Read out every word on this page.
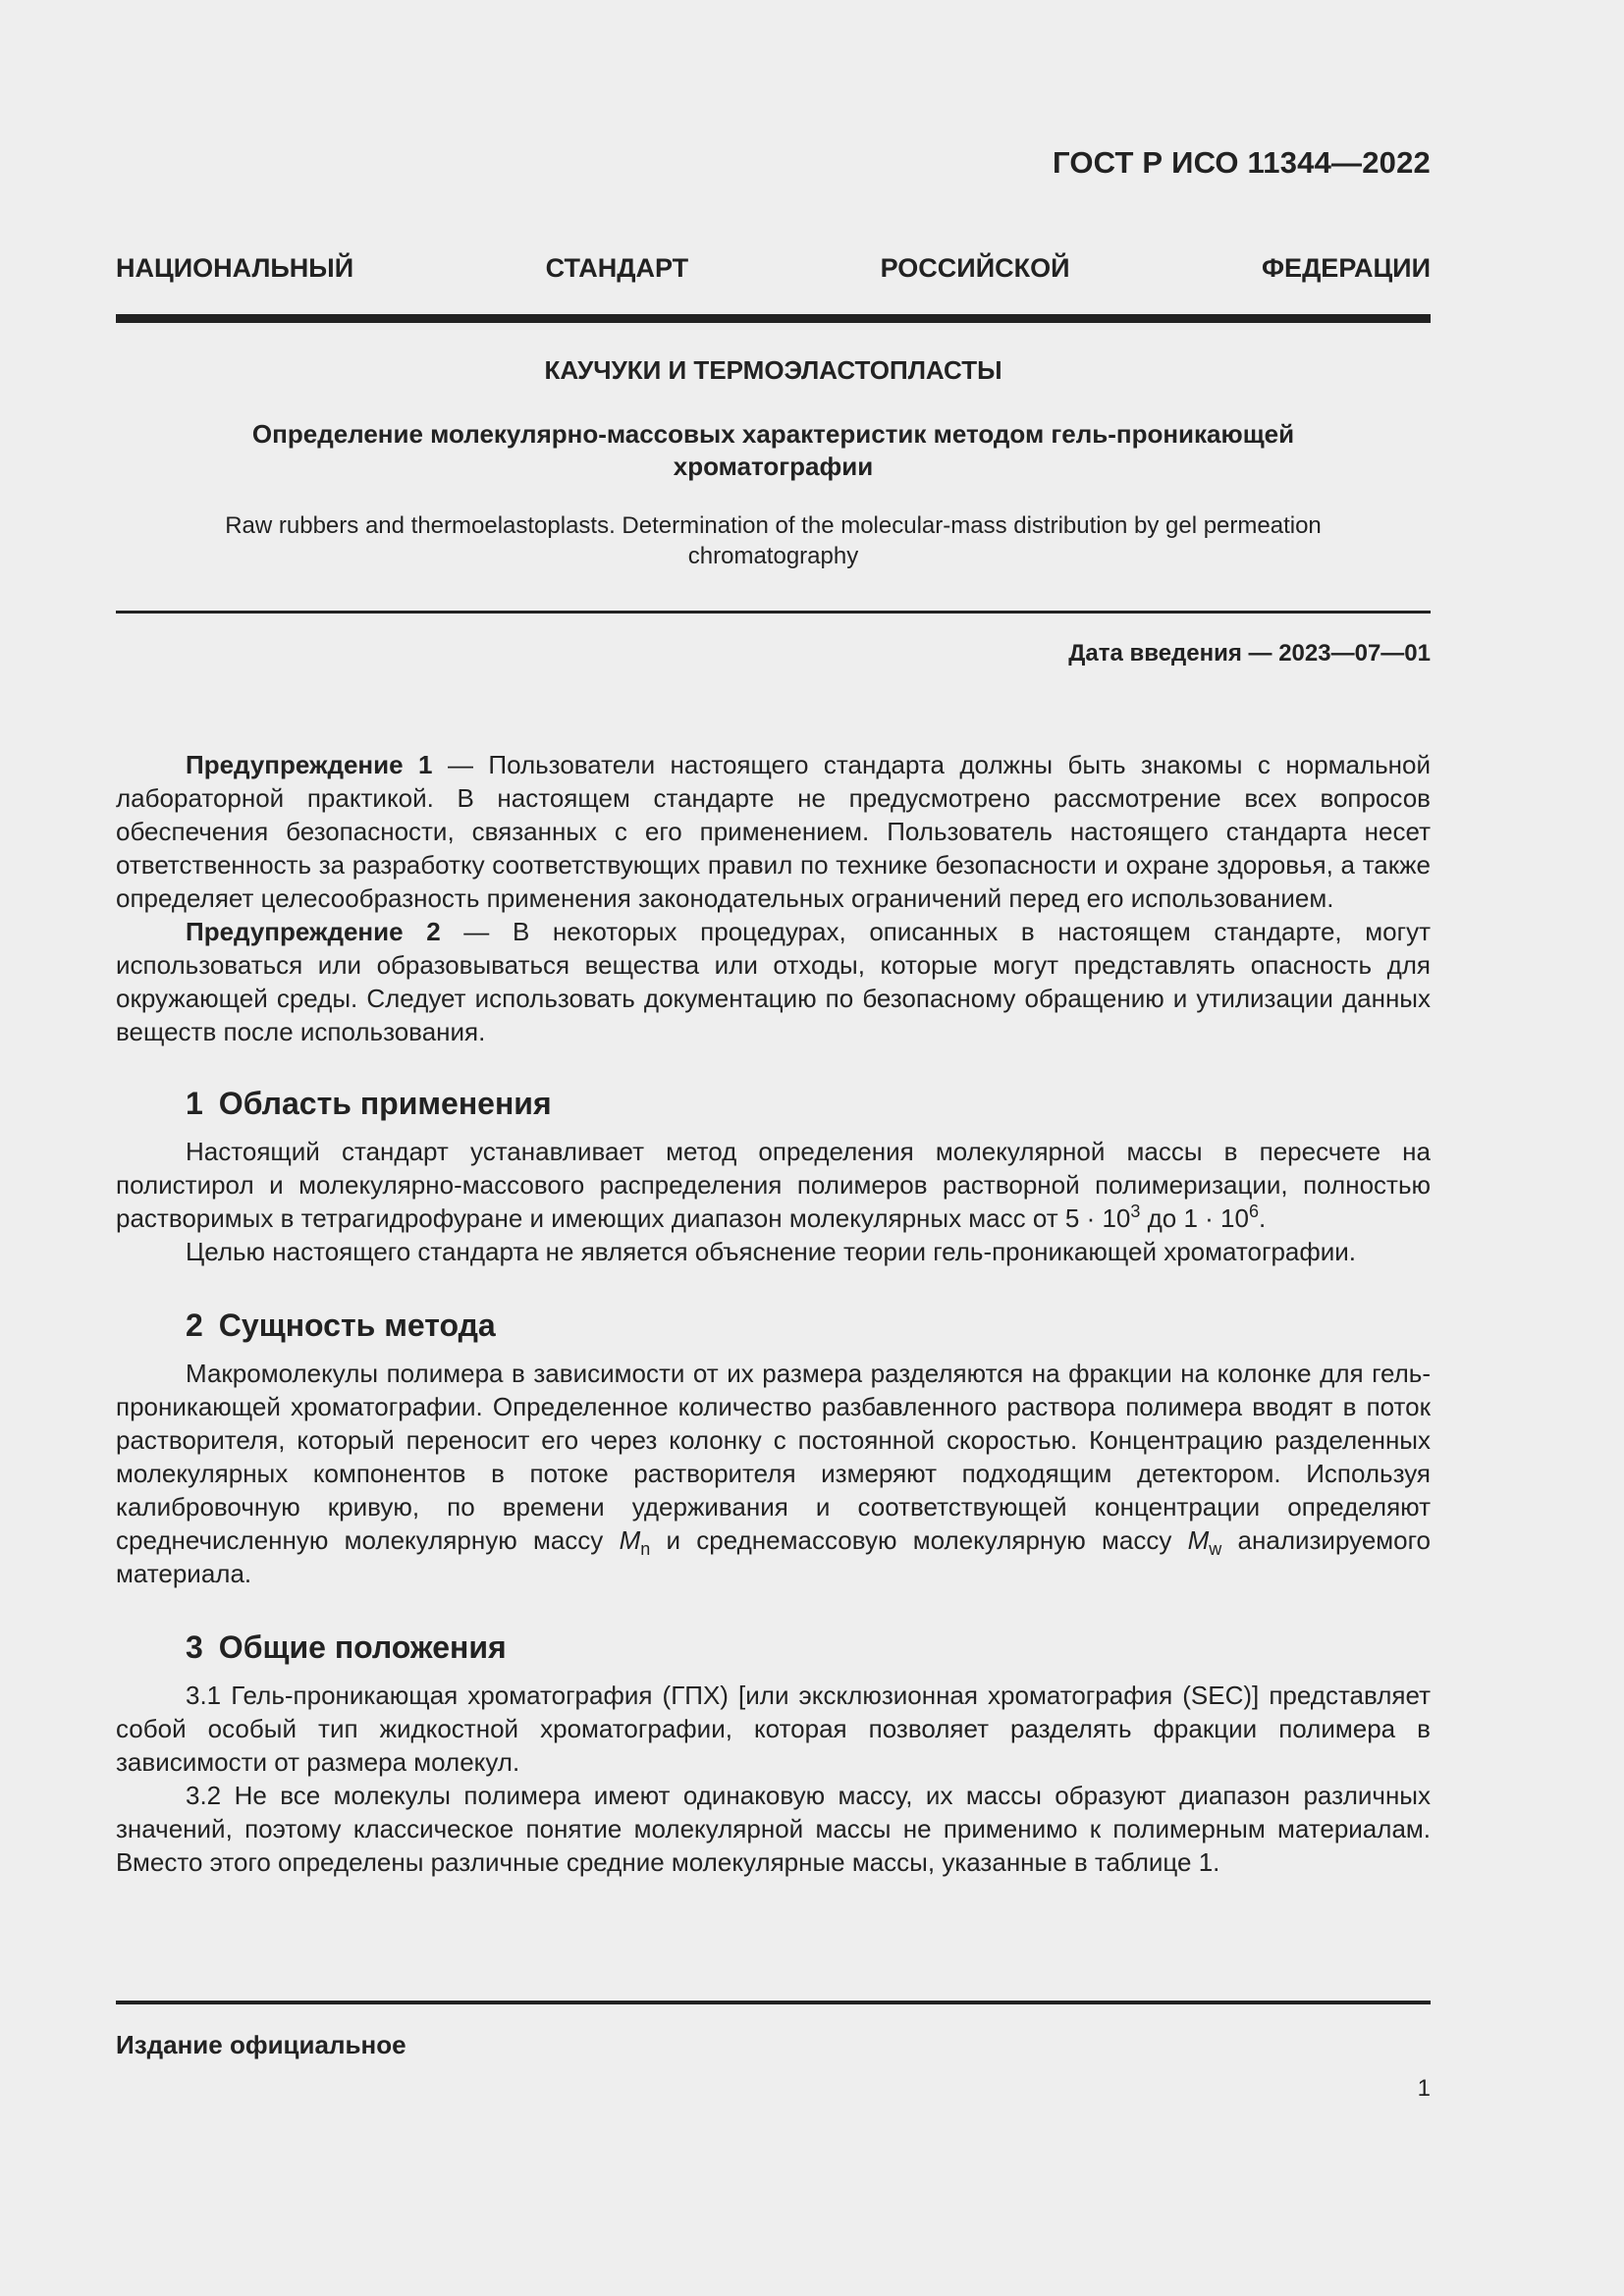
ГОСТ Р ИСО 11344—2022
НАЦИОНАЛЬНЫЙ	СТАНДАРТ	РОССИЙСКОЙ	ФЕДЕРАЦИИ
КАУЧУКИ И ТЕРМОЭЛАСТОПЛАСТЫ
Определение молекулярно-массовых характеристик методом гель-проникающей хроматографии
Raw rubbers and thermoelastoplasts. Determination of the molecular-mass distribution by gel permeation chromatography
Дата введения — 2023—07—01

Предупреждение 1 — Пользователи настоящего стандарта должны быть знакомы с нормальной лабораторной практикой. В настоящем стандарте не предусмотрено рассмотрение всех вопросов обеспечения безопасности, связанных с его применением. Пользователь настоящего стандарта несет ответственность за разработку соответствующих правил по технике безопасности и охране здоровья, а также определяет целесообразность применения законодательных ограничений перед его использованием.

Предупреждение 2 — В некоторых процедурах, описанных в настоящем стандарте, могут использоваться или образовываться вещества или отходы, которые могут представлять опасность для окружающей среды. Следует использовать документацию по безопасному обращению и утилизации данных веществ после использования.

1 Область применения

Настоящий стандарт устанавливает метод определения молекулярной массы в пересчете на полистирол и молекулярно-массового распределения полимеров растворной полимеризации, полностью растворимых в тетрагидрофуране и имеющих диапазон молекулярных масс от $5 \cdot 10^3$ до $1 \cdot 10^6$.

Целью настоящего стандарта не является объяснение теории гель-проникающей хроматографии.

2 Сущность метода

Макромолекулы полимера в зависимости от их размера разделяются на фракции на колонке для гель-проникающей хроматографии. Определенное количество разбавленного раствора полимера вводят в поток растворителя, который переносит его через колонку с постоянной скоростью. Концентрацию разделенных молекулярных компонентов в потоке растворителя измеряют подходящим детектором. Используя калибровочную кривую, по времени удерживания и соответствующей концентрации определяют среднечисленную молекулярную массу $M_n$ и среднемассовую молекулярную массу $M_w$ анализируемого материала.

3 Общие положения

3.1 Гель-проникающая хроматография (ГПХ) [или эксклюзионная хроматография (SEC)] представляет собой особый тип жидкостной хроматографии, которая позволяет разделять фракции полимера в зависимости от размера молекул.

3.2 Не все молекулы полимера имеют одинаковую массу, их массы образуют диапазон различных значений, поэтому классическое понятие молекулярной массы не применимо к полимерным материалам. Вместо этого определены различные средние молекулярные массы, указанные в таблице 1.

Издание официальное
1
